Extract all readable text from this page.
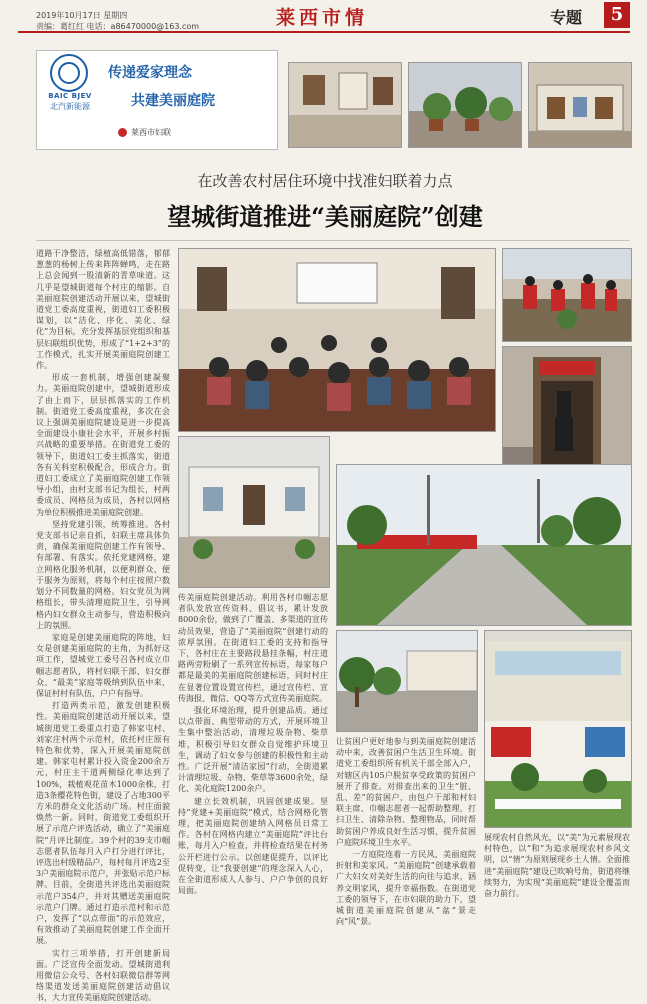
2019年10月17日 星期四
责编：葛红红 电话：a86470000@163.com	莱西市情	专题	5
BAIC BJEV
北汽新能源
传递爱家理念
共建美丽庭院
莱西市妇联
在改善农村居住环境中找准妇联着力点
望城街道推进“美丽庭院”创建

道路干净整洁，绿植高低错落，郁郁葱葱的杨树上传来阵阵蝉鸣，走在路上总会闻到一股清新的青草味道。这几乎是望城街道每个村庄的缩影。自美丽庭院创建活动开展以来，望城街道党工委高度重视，街道妇工委积极谋划，以“洁化、序化、美化、绿化”为目标，充分发挥基层党组织和基层妇联组织优势，形成了“1+2+3”的工作模式，扎实开展美丽庭院创建工作。

形成一套机制，增强创建凝聚力。美丽庭院创建中，望城街道形成了由上而下，层层抓落实的工作机制。街道党工委高度重视，多次在会议上强调美丽庭院建设是进一步提高全面建设小康社会水平，开展乡村振兴战略的重要举措。在街道党工委的领导下，街道妇工委主抓落实，街道各有关科室积极配合，形成合力。街道妇工委成立了美丽庭院创建工作领导小组，由村支部书记为组长，村两委成员、网格员为成员，各村以网格为单位积极推进美丽庭院创建。

坚持党建引领，统筹推进。各村党支部书记亲自抓，妇联主席具体负责，确保美丽庭院创建工作有领导、有部署、有落实。依托党建网格，建立网格化服务机制，以便利群众、便于服务为原则，将每个村庄按照户数划分不同数量的网格。妇女党员为网格组长，带头清理庭院卫生，引导网格内妇女群众主动参与，营造积极向上的氛围。

家庭是创建美丽庭院的阵地，妇女是创建美丽庭院的主角，为抓好这项工作，望城党工委号召各村成立巾帼志愿者队，将村妇联干部、妇女群众、“最美”家庭等吸纳到队伍中来，保证村村有队伍，户户有指导。

打造两类示范，激发创建积极性。美丽庭院创建活动开展以来，望城街道党工委重点打造了韩家屯村、刘家庄村两个示范村，依托村庄原有特色和优势，深入开展美丽庭院创建。韩家屯村累计投入资金200余万元，村庄主干道两侧绿化率达到了100%，栽植观花苗木1000余株，打造3条樱花特色街，建设了占地300平方米的群众文化活动广场。村庄面貌焕然一新。同时，街道党工委组织开展了示范户评选活动，确立了“美丽庭院”月评比制度。39个村的39支巾帼志愿者队伍每月入户打分进行评比，评选出村级精品户，每村每月评选2至3户美丽庭院示范户，并张贴示范户标牌。目前，全街道共评选出美丽庭院示范户354户，并对其赠送美丽庭院示范户门牌。通过打造示范村和示范户，发挥了“以点带面”的示范效应，有效推动了美丽庭院创建工作全面开展。

实行三项举措，打开创建新局面。广泛宣传全面发动。望城街道利用微信公众号、各村妇联微信群等网络渠道发送美丽庭院创建活动倡议书，大力宣传美丽庭院创建活动。

传美丽庭院创建活动。利用各村巾帼志愿者队发放宣传资料、倡议书，累计发放8000余份，做到了广覆盖、多渠道的宣传动员效果，营造了“美丽庭院”创建行动的浓厚氛围。在街道妇工委的支持和指导下，各村庄在主要路段悬挂条幅，村庄道路两旁粉刷了一系列宣传标语，每家每户都是最美的美丽庭院创建标语，同时村庄在显著位置设置宣传栏，通过宣传栏、宣传海报、微信、QQ等方式宣传美丽庭院。

强化环境治理，提升创建品质。通过以点带面、典型带动的方式，开展环境卫生集中整治活动，清理垃圾杂物、柴草堆，积极引导妇女群众自觉维护环境卫生，调动了妇女参与创建的积极性和主动性。广泛开展“清洁家园”行动，全街道累计清理垃圾、杂物、柴草等3600余处，绿化、美化庭院1200余户。

建立长效机制，巩固创建成果。坚持“党建+美丽庭院”模式，结合网格化管理，把美丽庭院创建纳入网格员日常工作。各村在网格内建立“美丽庭院”评比台账，每月入户检查，并将检查结果在村务公开栏进行公示。以创建促提升，以评比促转变，让“我要创建”的理念深入人心，在全街道形成人人参与、户户争创的良好局面。

让贫困户更好地参与到美丽庭院创建活动中来，改善贫困户生活卫生环境。街道党工委组织所有机关干部全部入户，对辖区内105户脱贫享受政策的贫困户展开了排查。对排查出来的卫生“脏、乱、差”的贫困户，由包户干部和村妇联主席、巾帼志愿者一起帮助整理，打扫卫生、清除杂物、整理物品，同时帮助贫困户养成良好生活习惯，提升贫困户庭院环境卫生水平。

一方庭院连着一方民风，美丽庭院折射和美家风。“美丽庭院”创建承载着广大妇女对美好生活的向往与追求，涵养文明家风，提升幸福指数。在街道党工委的领导下，在市妇联的助力下，望城街道美丽庭院创建从“盆”景走向“风”景。

展现农村自然风光，以“美”为元素展现农村特色，以“和”为追求展现农村乡风文明，以“情”为原则展现乡土人情。全面推进“美丽庭院”建设已吹响号角，街道将继续努力，为实现“美丽庭院”建设全覆盖而奋力前行。
